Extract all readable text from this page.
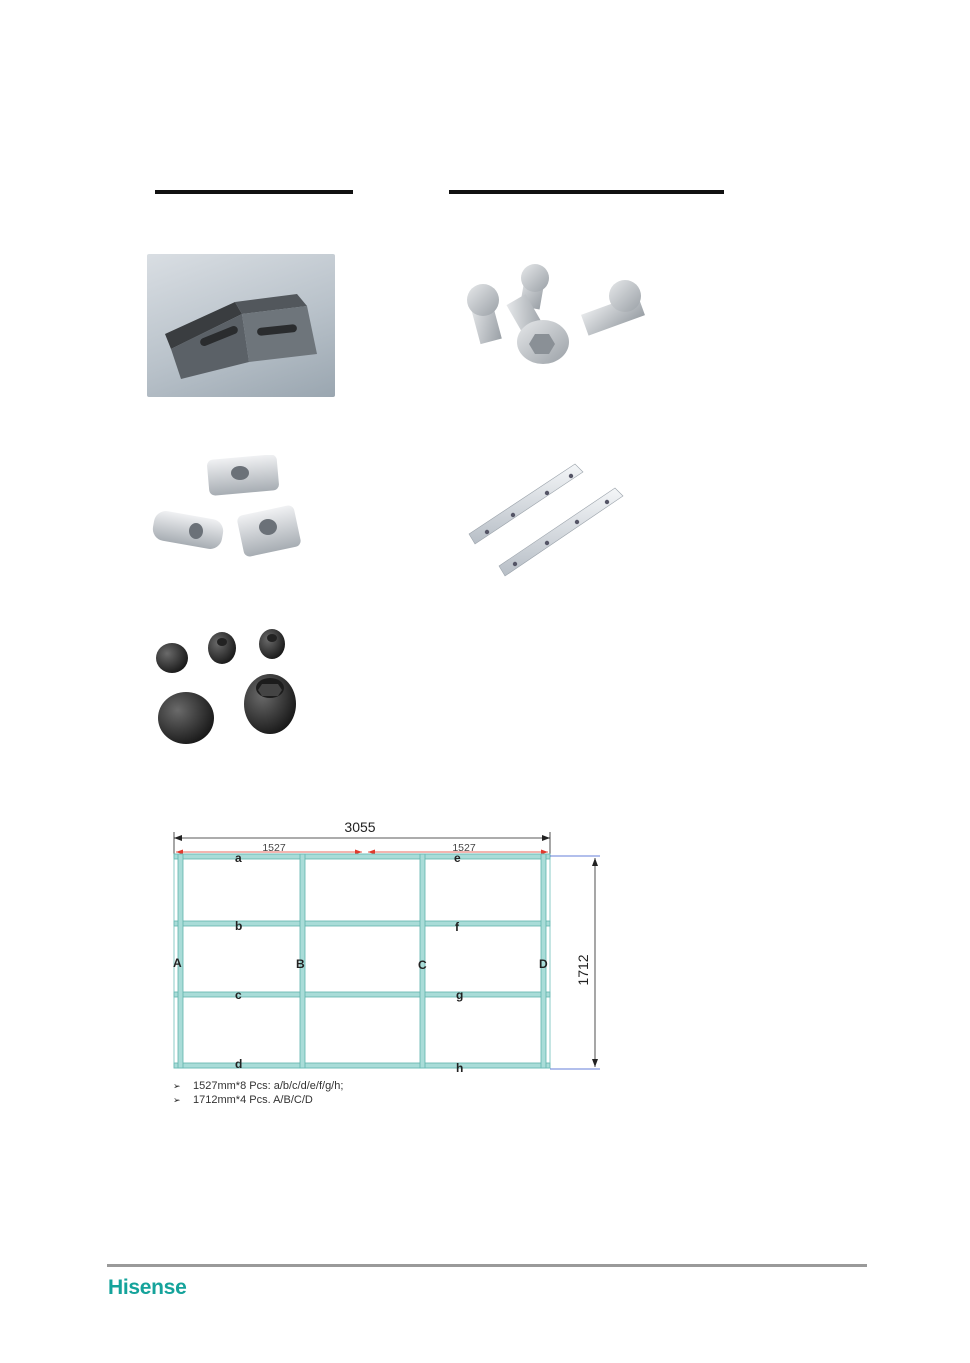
3055
1527	1527
1712
a
b
c
d
e
f
g
h
A	B	C	D
➢	1527mm*8 Pcs: a/b/c/d/e/f/g/h;
➢	1712mm*4 Pcs. A/B/C/D
Hisense
